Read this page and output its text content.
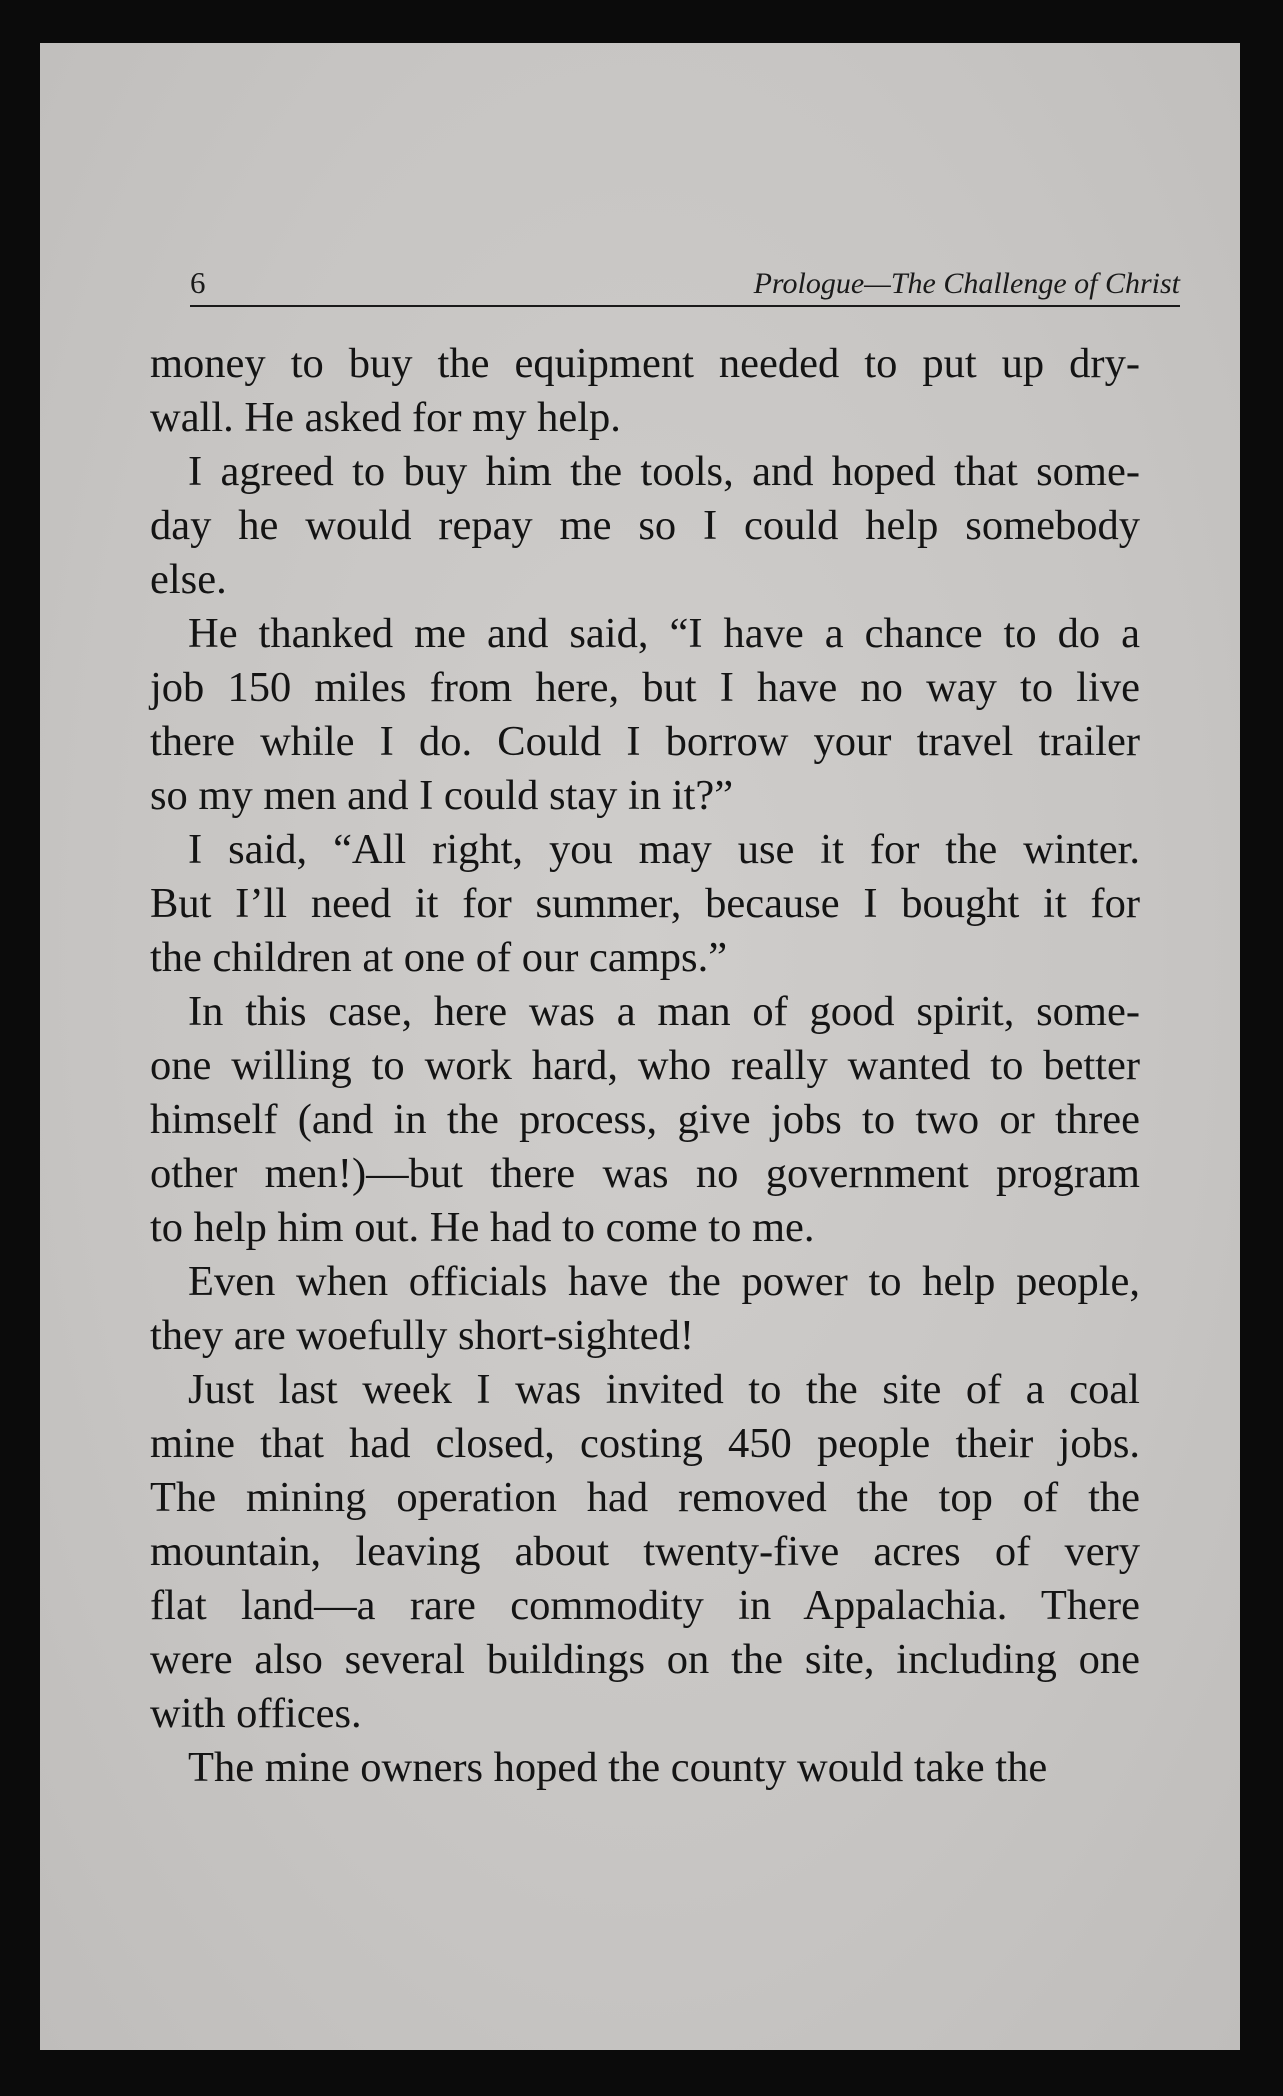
6	Prologue—The Challenge of Christ
money to buy the equipment needed to put up dry-
wall. He asked for my help.
I agreed to buy him the tools, and hoped that some-
day he would repay me so I could help somebody
else.
He thanked me and said, “I have a chance to do a
job 150 miles from here, but I have no way to live
there while I do. Could I borrow your travel trailer
so my men and I could stay in it?”
I said, “All right, you may use it for the winter.
But I’ll need it for summer, because I bought it for
the children at one of our camps.”
In this case, here was a man of good spirit, some-
one willing to work hard, who really wanted to better
himself (and in the process, give jobs to two or three
other men!)—but there was no government program
to help him out. He had to come to me.
Even when officials have the power to help people,
they are woefully short-sighted!
Just last week I was invited to the site of a coal
mine that had closed, costing 450 people their jobs.
The mining operation had removed the top of the
mountain, leaving about twenty-five acres of very
flat land—a rare commodity in Appalachia. There
were also several buildings on the site, including one
with offices.
The mine owners hoped the county would take the
